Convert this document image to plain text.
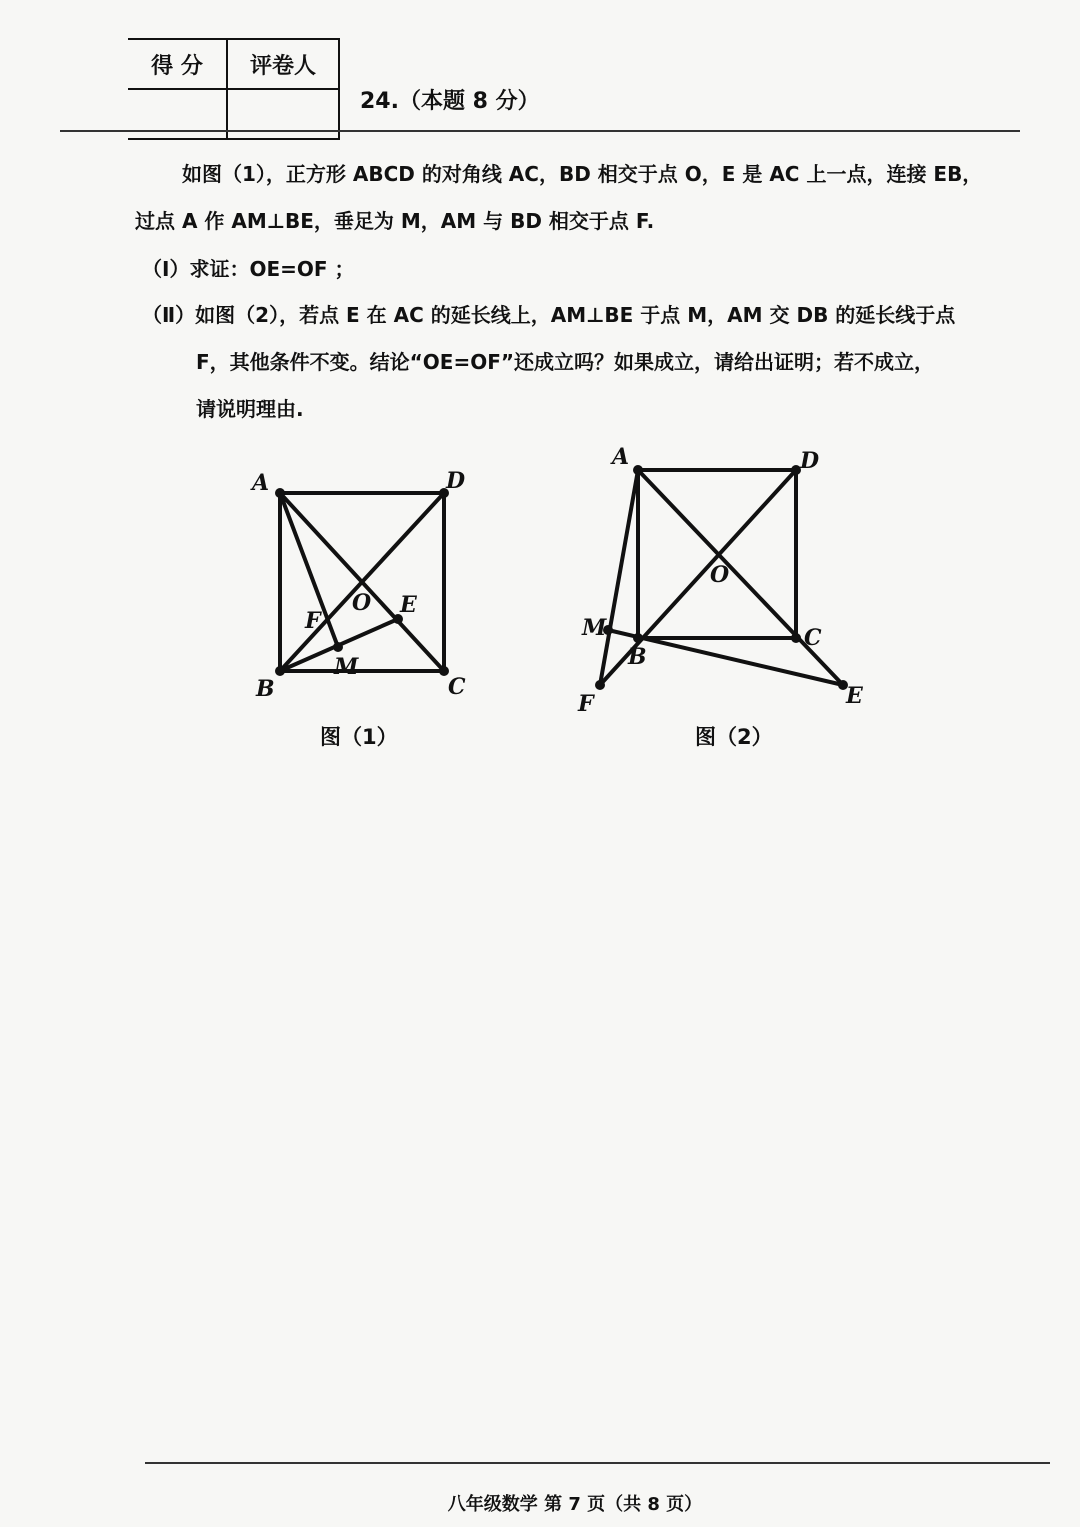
得 分	评卷人

24.（本题 8 分）
如图（1），正方形 ABCD 的对角线 AC，BD 相交于点 O，E 是 AC 上一点，连接 EB，
过点 A 作 AM⊥BE，垂足为 M，AM 与 BD 相交于点 F.
（Ⅰ）求证：OE=OF ；
（Ⅱ）如图（2），若点 E 在 AC 的延长线上，AM⊥BE 于点 M，AM 交 DB 的延长线于点
F，其他条件不变。结论“OE=OF”还成立吗？如果成立，请给出证明；若不成立，
请说明理由.
A	D
B	C
O E
F
M
图（1）
A	D
B
C
O
E
F
M
图（2）
八年级数学 第 7 页（共 8 页）
